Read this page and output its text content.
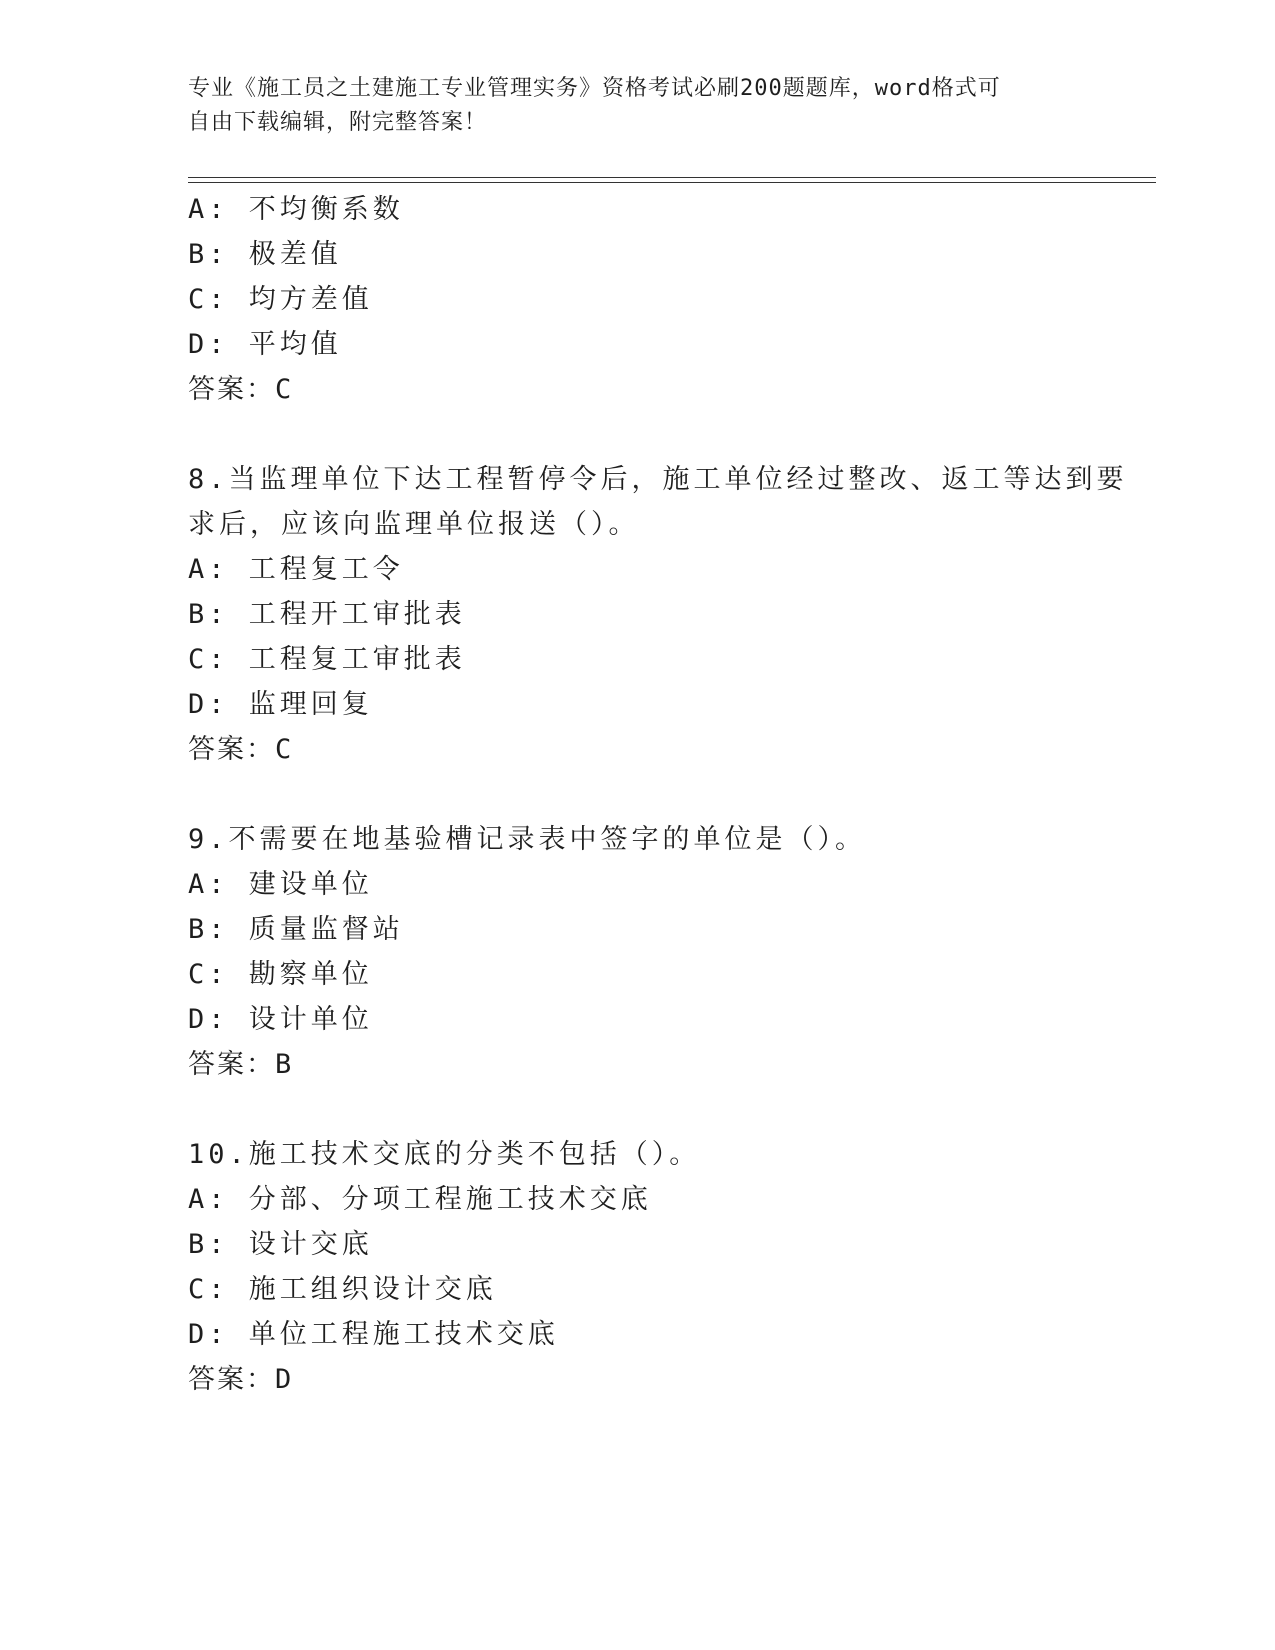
专业《施工员之土建施工专业管理实务》资格考试必刷200题题库，word格式可
自由下载编辑，附完整答案！
A: 不均衡系数
B: 极差值
C: 均方差值
D: 平均值
答案：C
8.当监理单位下达工程暂停令后，施工单位经过整改、返工等达到要
求后，应该向监理单位报送（）。
A: 工程复工令
B: 工程开工审批表
C: 工程复工审批表
D: 监理回复
答案：C
9.不需要在地基验槽记录表中签字的单位是（）。
A: 建设单位
B: 质量监督站
C: 勘察单位
D: 设计单位
答案：B
10.施工技术交底的分类不包括（）。
A: 分部、分项工程施工技术交底
B: 设计交底
C: 施工组织设计交底
D: 单位工程施工技术交底
答案：D
